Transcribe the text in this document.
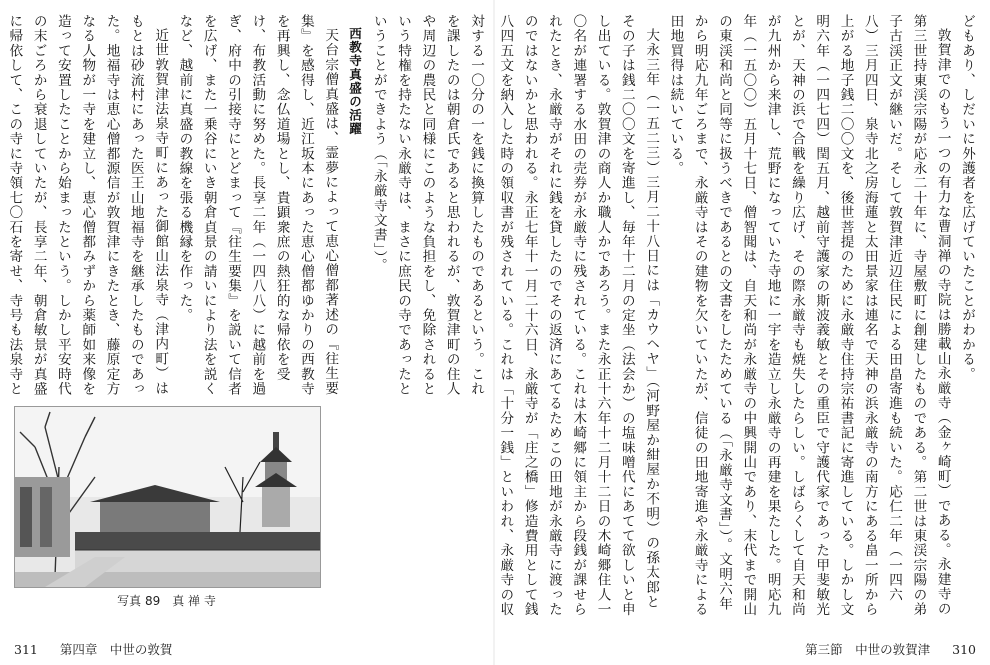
対する一〇分の一を銭に換算したものであるという。これを課したのは朝倉氏であると思われるが、敦賀津町の住人や周辺の農民と同様にこのような負担をし、免除されるという特権を持たない永厳寺は、まさに庶民の寺であったということができよう（「永厳寺文書」）。

西教寺真盛の活躍

天台宗僧真盛は、霊夢によって恵心僧都著述の『往生要集』を感得し、近江坂本にあった恵心僧都ゆかりの西教寺を再興し、念仏道場とし、貴顕衆庶の熱狂的な帰依を受け、布教活動に努めた。長享二年（一四八八）に越前を過ぎ、府中の引接寺にとどまって『往生要集』を説いて信者を広げ、また一乗谷にいき朝倉貞景の請いにより法を説くなど、越前に真盛の教線を張る機縁を作った。

近世敦賀津法泉寺町にあった御館山法泉寺（津内町）はもとは砂流村にあった医王山地福寺を継承したものであった。地福寺は恵心僧都源信が敦賀津にきたとき、藤原定方なる人物が一寺を建立し、恵心僧都みずから薬師如来像を造って安置したことから始まったという。しかし平安時代の末ごろから衰退していたが、長享二年、朝倉敏景が真盛に帰依して、この寺に寺領七〇石を寄せ、寺号も法泉寺と

写真 89　真 禅 寺
311 第四章　中世の敦賀

どもあり、しだいに外護者を広げていたことがわかる。

敦賀津でのもう一つの有力な曹洞禅の寺院は勝載山永厳寺（金ヶ崎町）である。永建寺の第三世持東渓宗陽が応永二十年に、寺屋敷町に創建したものである。第二世は東渓宗陽の弟子古渓正文が継いだ。そして敦賀津近辺住民による田畠寄進も続いた。応仁二年（一四六八）三月四日、泉寺北之房海蓮と太田景家は連名で天神の浜永厳寺の南方にある畠一所から上がる地子銭二〇〇文を、後世菩提のために永厳寺住持宗祐書記に寄進している。しかし文明六年（一四七四）閏五月、越前守護家の斯波義敏とその重臣で守護代家であった甲斐敏光とが、天神の浜で合戦を繰り広げ、その際永厳寺も焼失したらしい。しばらくして自天和尚が九州から来津し、荒野になっていた寺地に一宇を造立し永厳寺の再建を果たした。明応九年（一五〇〇）五月十七日、僧智聞は、自天和尚が永厳寺の中興開山であり、末代まで開山の東渓和尚と同等に扱うべきであるとの文書をしたためている（「永厳寺文書」）。文明六年から明応九年ごろまで、永厳寺はその建物を欠いていたが、信徒の田地寄進や永厳寺による田地買得は続いている。

大永三年（一五二三）三月二十八日には「カウヘヤ」（河野屋か紺屋か不明）の孫太郎とその子は銭二〇〇文を寄進し、毎年十二月の定坐（法会か）の塩味噌代にあてて欲しいと申し出ている。敦賀津の商人か職人かであろう。また永正十六年十二月十二日の木崎郷住人一〇名が連署する水田の売券が永厳寺に残されている。これは木崎郷に領主から段銭が課せられたとき、永厳寺がそれに銭を貸したのでその返済にあてるためこの田地が永厳寺に渡ったのではないかと思われる。永正七年十一月二十六日、永厳寺が「庄之橋」修造費用として銭八四五文を納入した時の領収書が残されている。これは「十分一銭」といわれ、永厳寺の収

第三節　中世の敦賀津 310
